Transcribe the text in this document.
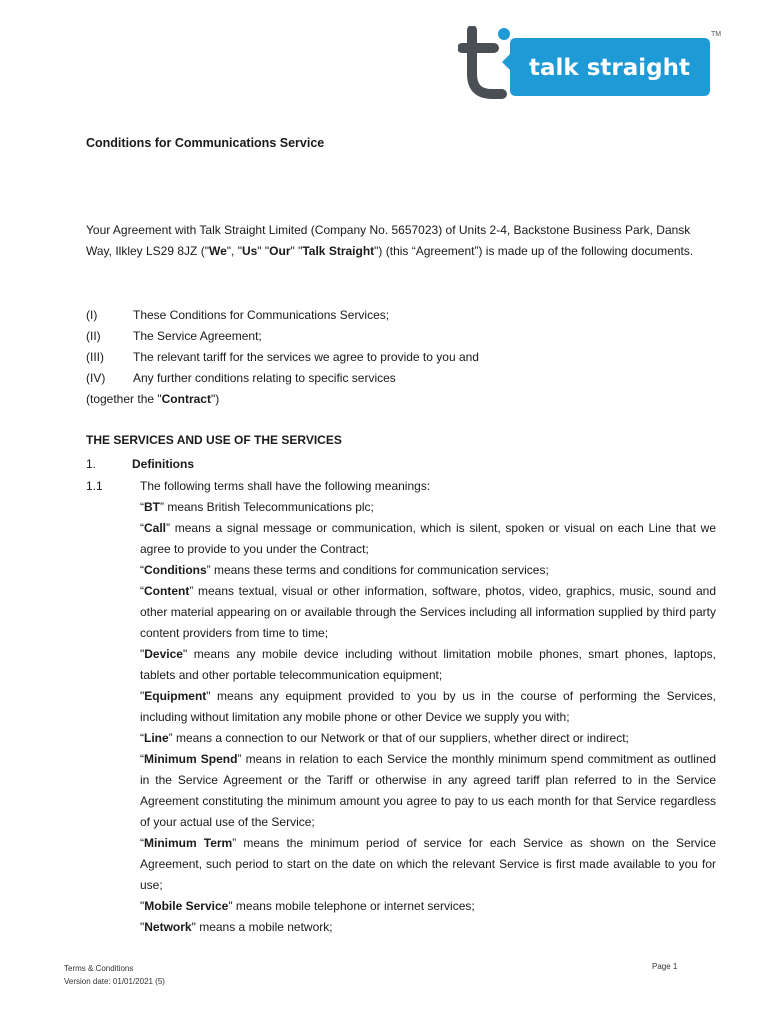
talk straight
TM
Conditions for Communications Service
Your Agreement with Talk Straight Limited (Company No. 5657023) of Units 2-4, Backstone Business Park, Dansk Way, Ilkley LS29 8JZ ("We", "Us" "Our" "Talk Straight") (this “Agreement”) is made up of the following documents.
(I)	These Conditions for Communications Services;
(II)	The Service Agreement;
(III) The relevant tariff for the services we agree to provide to you and
(IV) Any further conditions relating to specific services
(together the "Contract")
THE SERVICES AND USE OF THE SERVICES
1.	Definitions
1.1	The following terms shall have the following meanings:

“BT” means British Telecommunications plc;

“Call” means a signal message or communication, which is silent, spoken or visual on each Line that we agree to provide to you under the Contract;

“Conditions” means these terms and conditions for communication services;

“Content” means textual, visual or other information, software, photos, video, graphics, music, sound and other material appearing on or available through the Services including all information supplied by third party content providers from time to time;

"Device" means any mobile device including without limitation mobile phones, smart phones, laptops, tablets and other portable telecommunication equipment;

"Equipment" means any equipment provided to you by us in the course of performing the Services, including without limitation any mobile phone or other Device we supply you with;

“Line” means a connection to our Network or that of our suppliers, whether direct or indirect;

“Minimum Spend” means in relation to each Service the monthly minimum spend commitment as outlined in the Service Agreement or the Tariff or otherwise in any agreed tariff plan referred to in the Service Agreement constituting the minimum amount you agree to pay to us each month for that Service regardless of your actual use of the Service;

“Minimum Term” means the minimum period of service for each Service as shown on the Service Agreement, such period to start on the date on which the relevant Service is first made available to you for use;

"Mobile Service" means mobile telephone or internet services;

"Network" means a mobile network;

Terms & Conditions
Version date: 01/01/2021 (5)
Page 1
